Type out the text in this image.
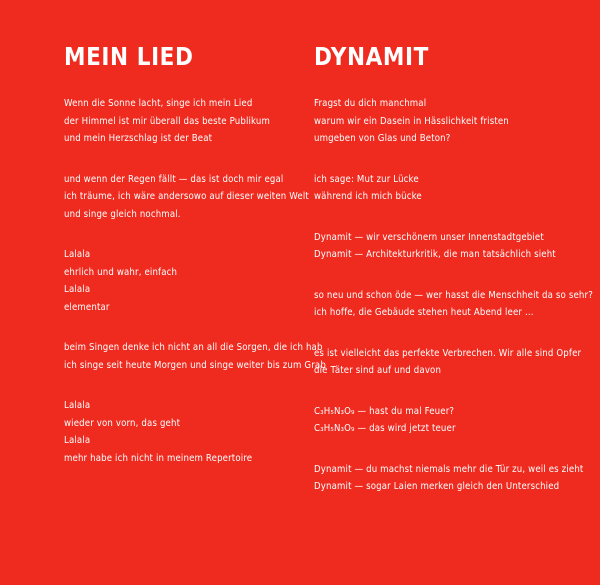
MEIN LIED
Wenn die Sonne lacht, singe ich mein Lied
der Himmel ist mir überall das beste Publikum
und mein Herzschlag ist der Beat
und wenn der Regen fällt — das ist doch mir egal
ich träume, ich wäre andersowo auf dieser weiten Welt
und singe gleich nochmal.
Lalala
ehrlich und wahr, einfach
Lalala
elementar
beim Singen denke ich nicht an all die Sorgen, die ich hab
ich singe seit heute Morgen und singe weiter bis zum Grab
Lalala
wieder von vorn, das geht
Lalala
mehr habe ich nicht in meinem Repertoire
DYNAMIT
Fragst du dich manchmal
warum wir ein Dasein in Hässlichkeit fristen
umgeben von Glas und Beton?
ich sage: Mut zur Lücke
während ich mich bücke
Dynamit — wir verschönern unser Innenstadtgebiet
Dynamit — Architekturkritik, die man tatsächlich sieht
so neu und schon öde — wer hasst die Menschheit da so sehr?
ich hoffe, die Gebäude stehen heut Abend leer ...
es ist vielleicht das perfekte Verbrechen. Wir alle sind Opfer
die Täter sind auf und davon
C₃H₅N₃O₉ — hast du mal Feuer?
C₃H₅N₃O₉ — das wird jetzt teuer
Dynamit — du machst niemals mehr die Tür zu, weil es zieht
Dynamit — sogar Laien merken gleich den Unterschied
